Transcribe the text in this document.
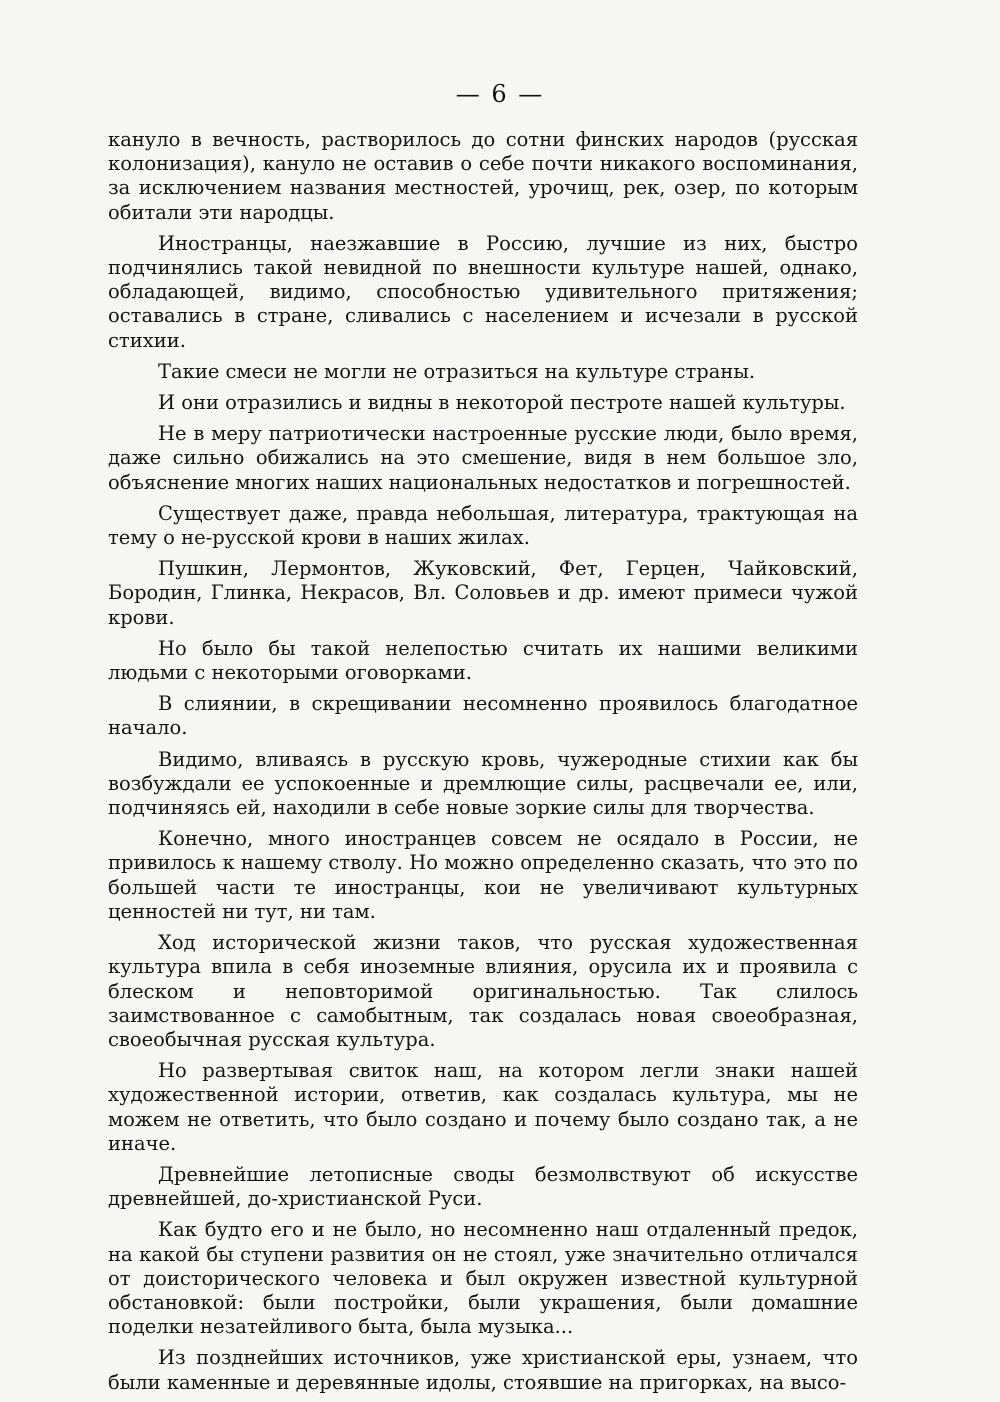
— 6 —

кануло в вечность, растворилось до сотни финских народов (русская колонизация), кануло не оставив о себе почти никакого воспоминания, за исключением названия местностей, урочищ, рек, озер, по которым обитали эти народцы.

Иностранцы, наезжавшие в Россию, лучшие из них, быстро подчинялись такой невидной по внешности культуре нашей, однако, обладающей, видимо, способностью удивительного притяжения; оставались в стране, сливались с населением и исчезали в русской стихии.

Такие смеси не могли не отразиться на культуре страны.

И они отразились и видны в некоторой пестроте нашей культуры.

Не в меру патриотически настроенные русские люди, было время, даже сильно обижались на это смешение, видя в нем большое зло, объяснение многих наших национальных недостатков и погрешностей.

Существует даже, правда небольшая, литература, трактующая на тему о не-русской крови в наших жилах.

Пушкин, Лермонтов, Жуковский, Фет, Герцен, Чайковский, Бородин, Глинка, Некрасов, Вл. Соловьев и др. имеют примеси чужой крови.

Но было бы такой нелепостью считать их нашими великими людьми с некоторыми оговорками.

В слиянии, в скрещивании несомненно проявилось благодатное начало.

Видимо, вливаясь в русскую кровь, чужеродные стихии как бы возбуждали ее успокоенные и дремлющие силы, расцвечали ее, или, подчиняясь ей, находили в себе новые зоркие силы для творчества.

Конечно, много иностранцев совсем не осядало в России, не привилось к нашему стволу. Но можно определенно сказать, что это по большей части те иностранцы, кои не увеличивают культурных ценностей ни тут, ни там.

Ход исторической жизни таков, что русская художественная культура впила в себя иноземные влияния, орусила их и проявила с блеском и неповторимой оригинальностью. Так слилось заимствованное с самобытным, так создалась новая своеобразная, своеобычная русская культура.

Но развертывая свиток наш, на котором легли знаки нашей художественной истории, ответив, как создалась культура, мы не можем не ответить, что было создано и почему было создано так, а не иначе.

Древнейшие летописные своды безмолвствуют об искусстве древнейшей, до-христианской Руси.

Как будто его и не было, но несомненно наш отдаленный предок, на какой бы ступени развития он не стоял, уже значительно отличался от доисторического человека и был окружен известной культурной обстановкой: были постройки, были украшения, были домашние поделки незатейливого быта, была музыка...

Из позднейших источников, уже христианской еры, узнаем, что были каменные и деревянные идолы, стоявшие на пригорках, на высо-
